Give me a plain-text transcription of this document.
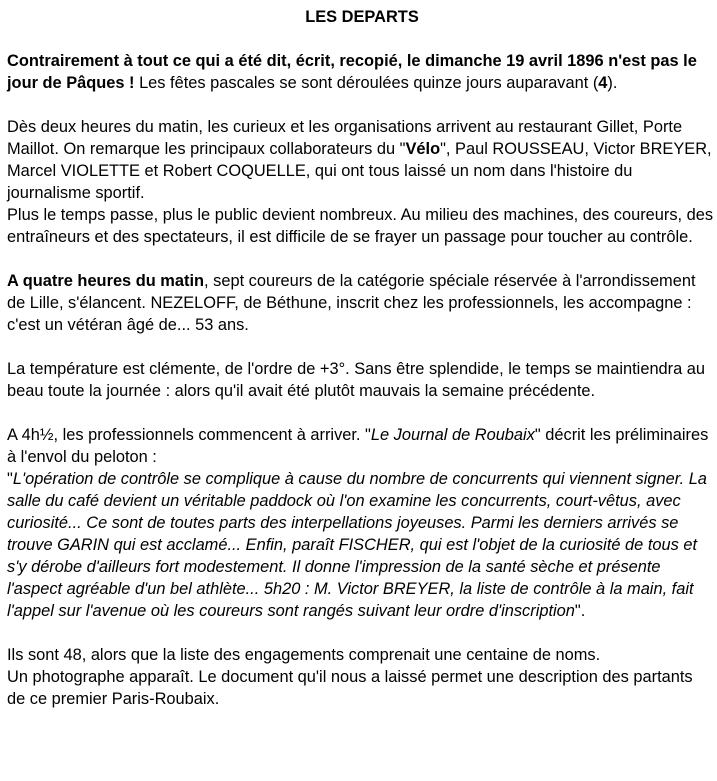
LES DEPARTS

Contrairement à tout ce qui a été dit, écrit, recopié, le dimanche 19 avril 1896 n'est pas le jour de Pâques ! Les fêtes pascales se sont déroulées quinze jours auparavant (4).

Dès deux heures du matin, les curieux et les organisations arrivent au restaurant Gillet, Porte Maillot. On remarque les principaux collaborateurs du "Vélo", Paul ROUSSEAU, Victor BREYER, Marcel VIOLETTE et Robert COQUELLE, qui ont tous laissé un nom dans l'histoire du journalisme sportif.
Plus le temps passe, plus le public devient nombreux. Au milieu des machines, des coureurs, des entraîneurs et des spectateurs, il est difficile de se frayer un passage pour toucher au contrôle.

A quatre heures du matin, sept coureurs de la catégorie spéciale réservée à l'arrondissement de Lille, s'élancent. NEZELOFF, de Béthune, inscrit chez les professionnels, les accompagne : c'est un vétéran âgé de... 53 ans.

La température est clémente, de l'ordre de +3°. Sans être splendide, le temps se maintiendra au beau toute la journée : alors qu'il avait été plutôt mauvais la semaine précédente.

A 4h½, les professionnels commencent à arriver. "Le Journal de Roubaix" décrit les préliminaires à l'envol du peloton :
"L'opération de contrôle se complique à cause du nombre de concurrents qui viennent signer. La salle du café devient un véritable paddock où l'on examine les concurrents, court-vêtus, avec curiosité... Ce sont de toutes parts des interpellations joyeuses. Parmi les derniers arrivés se trouve GARIN qui est acclamé... Enfin, paraît FISCHER, qui est l'objet de la curiosité de tous et s'y dérobe d'ailleurs fort modestement. Il donne l'impression de la santé sèche et présente l'aspect agréable d'un bel athlète... 5h20 : M. Victor BREYER, la liste de contrôle à la main, fait l'appel sur l'avenue où les coureurs sont rangés suivant leur ordre d'inscription".

Ils sont 48, alors que la liste des engagements comprenait une centaine de noms.
Un photographe apparaît. Le document qu'il nous a laissé permet une description des partants de ce premier Paris-Roubaix.
